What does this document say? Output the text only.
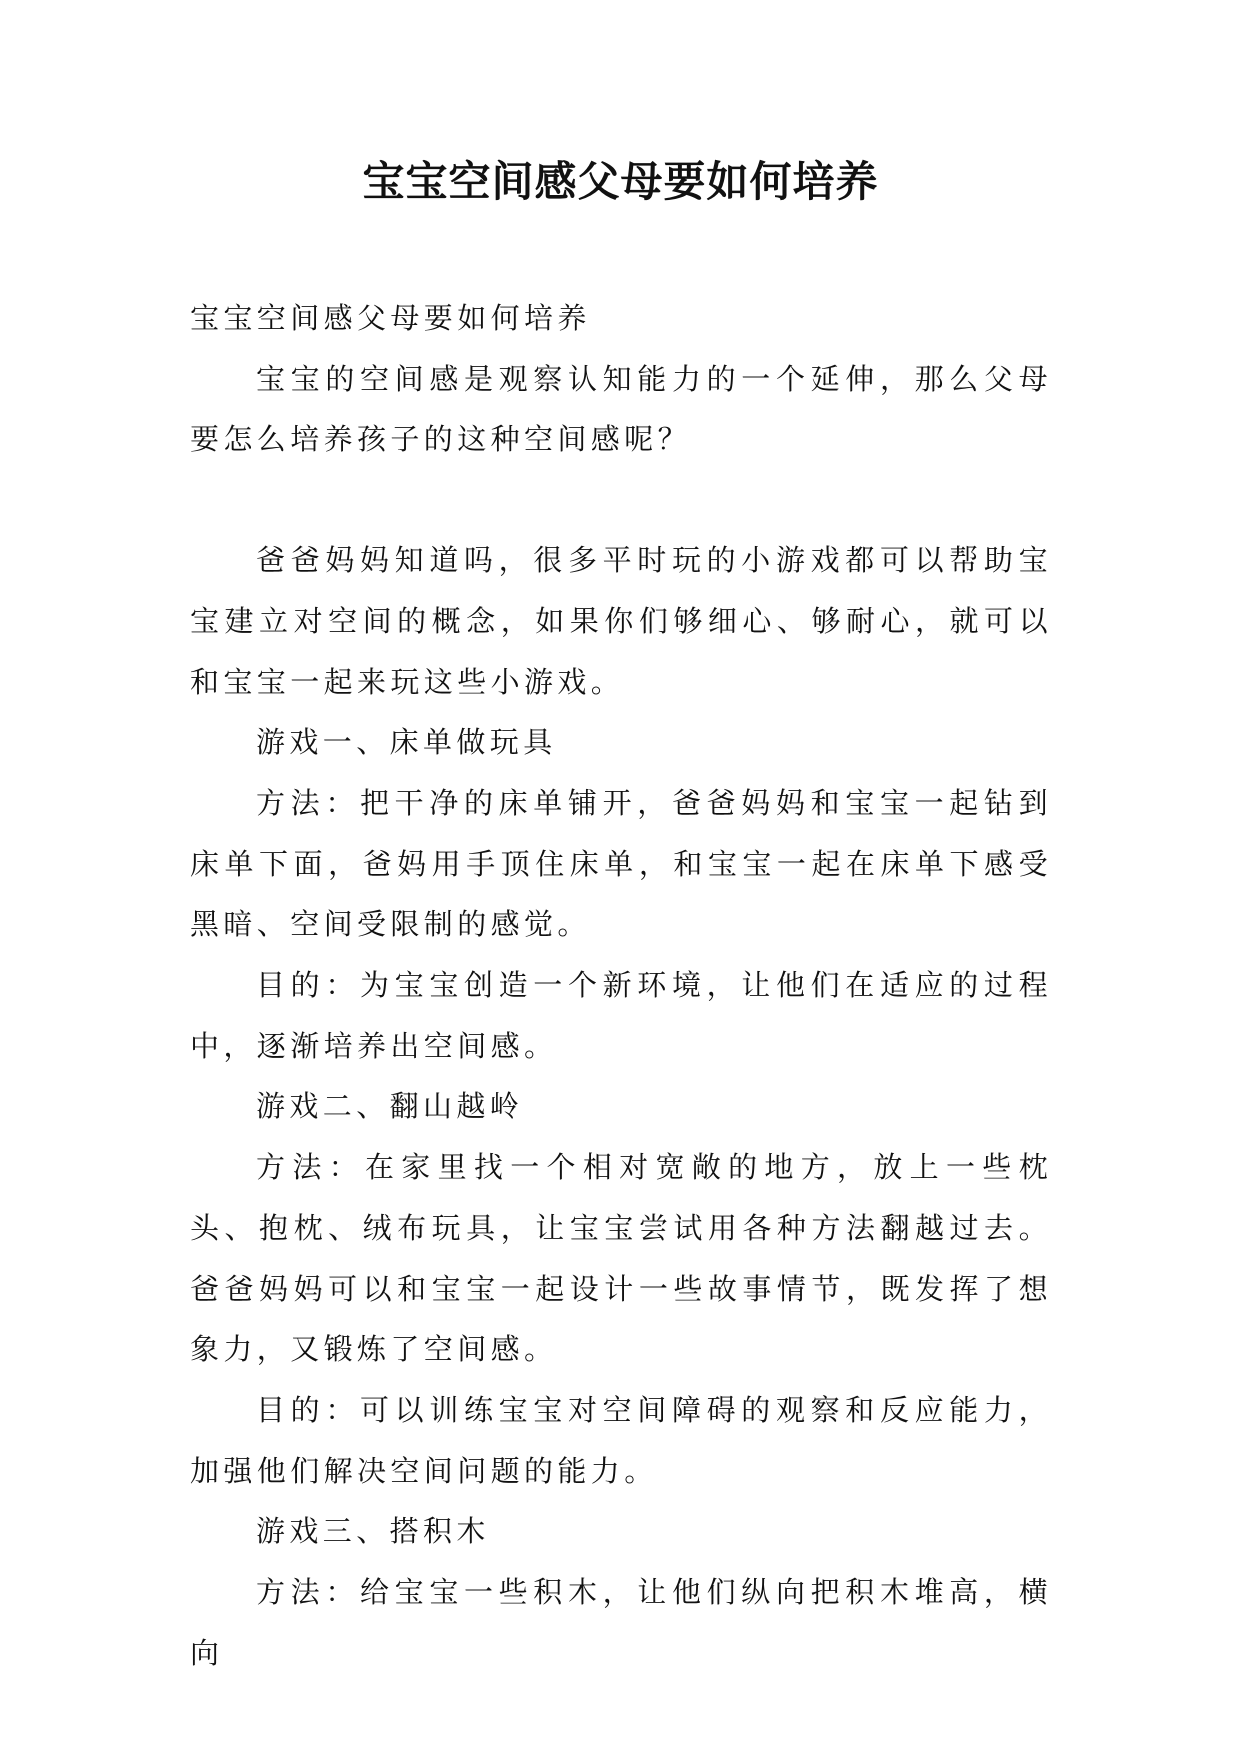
宝宝空间感父母要如何培养

宝宝空间感父母要如何培养

宝宝的空间感是观察认知能力的一个延伸，那么父母要怎么培养孩子的这种空间感呢？

爸爸妈妈知道吗，很多平时玩的小游戏都可以帮助宝宝建立对空间的概念，如果你们够细心、够耐心，就可以和宝宝一起来玩这些小游戏。

游戏一、床单做玩具

方法：把干净的床单铺开，爸爸妈妈和宝宝一起钻到床单下面，爸妈用手顶住床单，和宝宝一起在床单下感受黑暗、空间受限制的感觉。

目的：为宝宝创造一个新环境，让他们在适应的过程中，逐渐培养出空间感。

游戏二、翻山越岭

方法：在家里找一个相对宽敞的地方，放上一些枕头、抱枕、绒布玩具，让宝宝尝试用各种方法翻越过去。爸爸妈妈可以和宝宝一起设计一些故事情节，既发挥了想象力，又锻炼了空间感。

目的：可以训练宝宝对空间障碍的观察和反应能力，加强他们解决空间问题的能力。

游戏三、搭积木

方法：给宝宝一些积木，让他们纵向把积木堆高，横向
